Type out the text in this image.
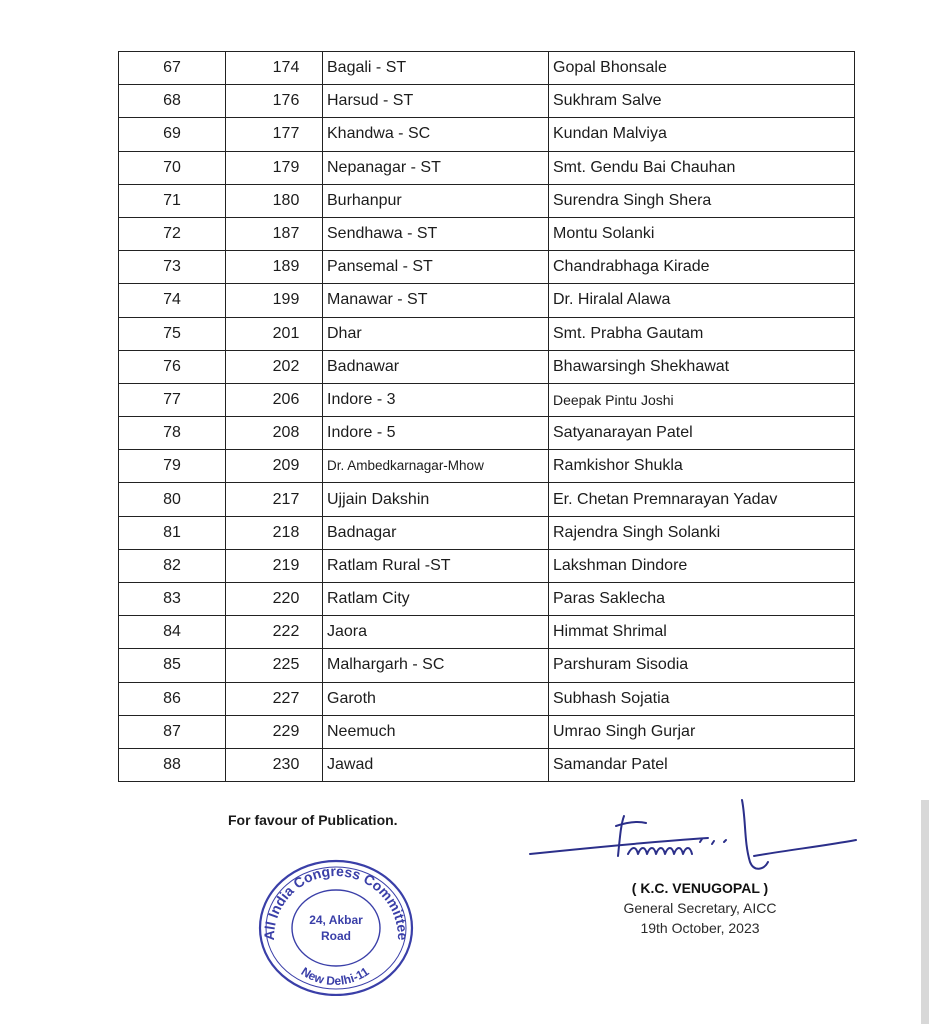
67	174	Bagali - ST	Gopal Bhonsale
68	176	Harsud - ST	Sukhram Salve
69	177	Khandwa - SC	Kundan Malviya
70	179	Nepanagar - ST	Smt. Gendu Bai Chauhan
71	180	Burhanpur	Surendra Singh Shera
72	187	Sendhawa - ST	Montu Solanki
73	189	Pansemal - ST	Chandrabhaga Kirade
74	199	Manawar - ST	Dr. Hiralal Alawa
75	201	Dhar	Smt. Prabha Gautam
76	202	Badnawar	Bhawarsingh Shekhawat
77	206	Indore - 3	Deepak Pintu Joshi
78	208	Indore - 5	Satyanarayan Patel
79	209	Dr. Ambedkarnagar-Mhow	Ramkishor Shukla
80	217	Ujjain Dakshin	Er. Chetan Premnarayan Yadav
81	218	Badnagar	Rajendra Singh Solanki
82	219	Ratlam Rural -ST	Lakshman Dindore
83	220	Ratlam City	Paras Saklecha
84	222	Jaora	Himmat Shrimal
85	225	Malhargarh - SC	Parshuram Sisodia
86	227	Garoth	Subhash Sojatia
87	229	Neemuch	Umrao Singh Gurjar
88	230	Jawad	Samandar Patel
For favour of Publication.
All India Congress Committee
New Delhi-11
24, Akbar
Road
( K.C. VENUGOPAL )
General Secretary, AICC
19th October, 2023
